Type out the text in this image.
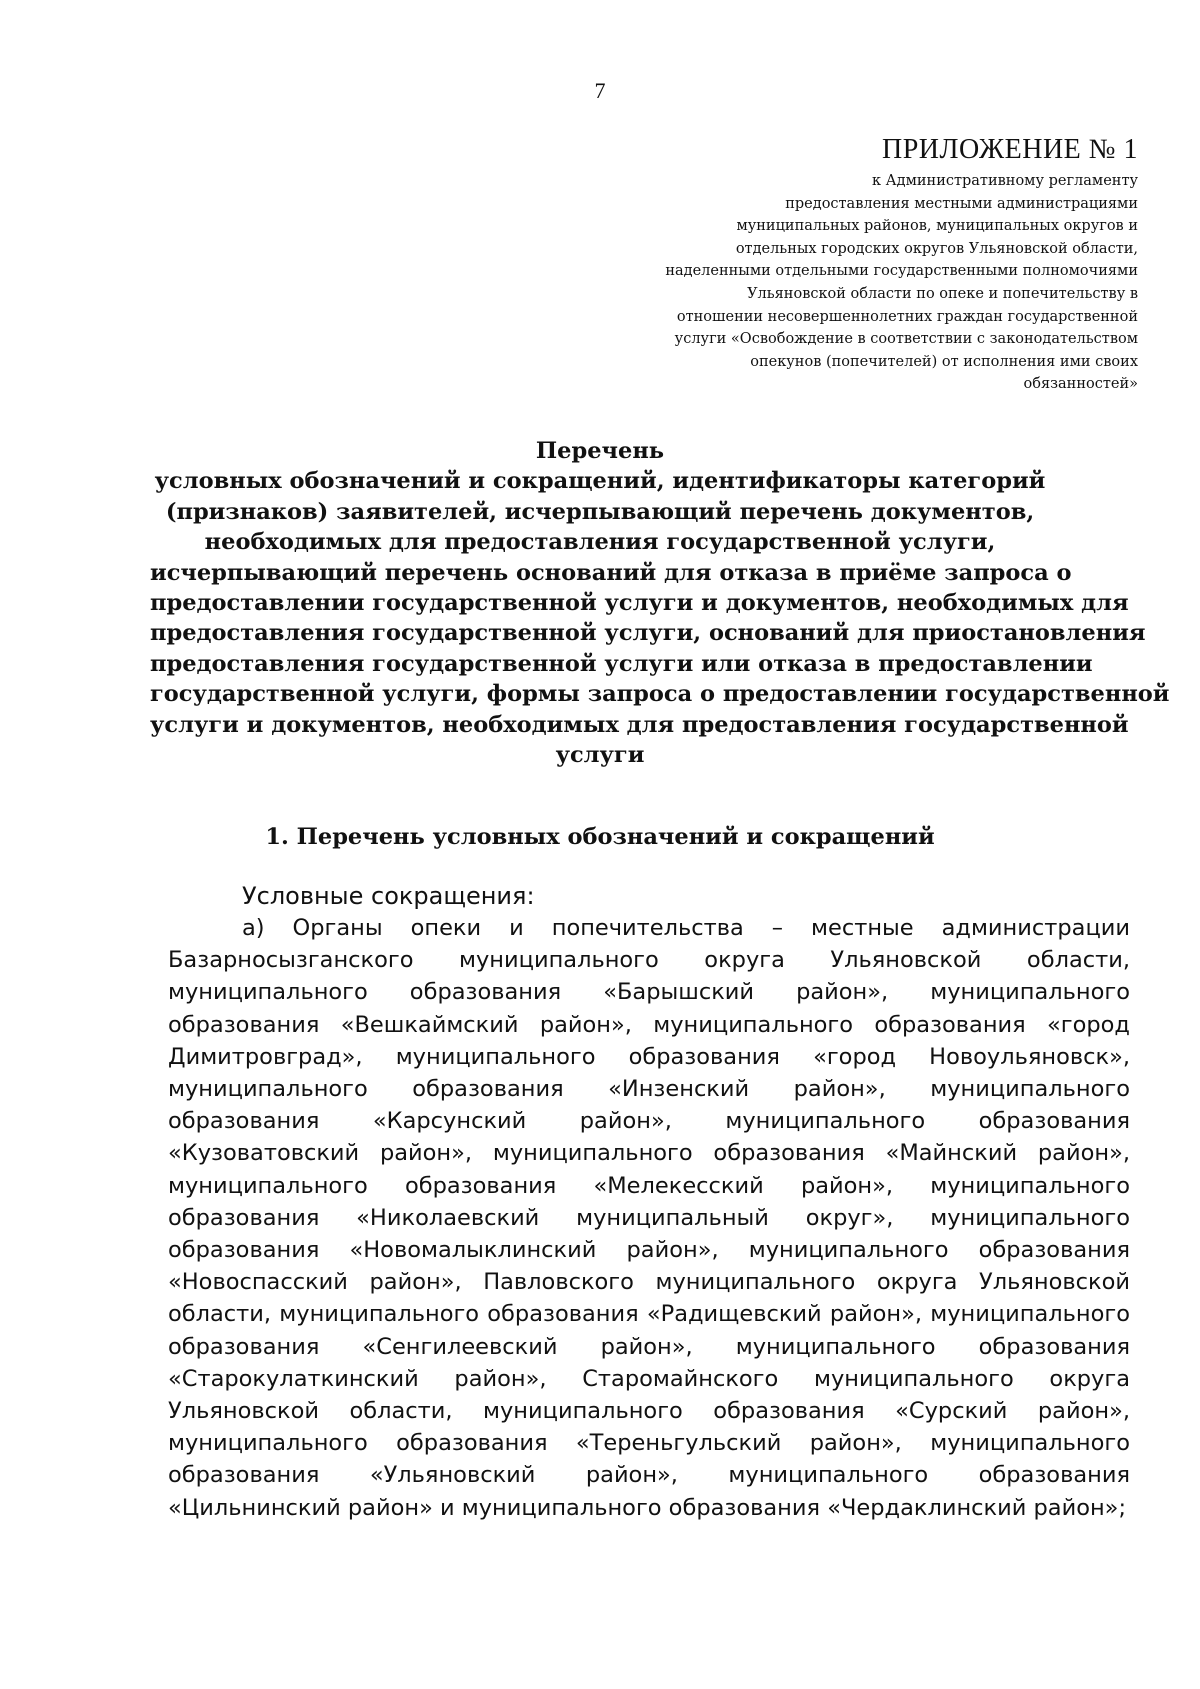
7
ПРИЛОЖЕНИЕ № 1
к Административному регламенту
предоставления местными администрациями
муниципальных районов, муниципальных округов и
отдельных городских округов Ульяновской области,
наделенными отдельными государственными полномочиями
Ульяновской области по опеке и попечительству в
отношении несовершеннолетних граждан государственной
услуги «Освобождение в соответствии с законодательством
опекунов (попечителей) от исполнения ими своих
обязанностей»
Перечень
условных обозначений и сокращений, идентификаторы категорий
(признаков) заявителей, исчерпывающий перечень документов,
необходимых для предоставления государственной услуги,
исчерпывающий перечень оснований для отказа в приёме запроса о
предоставлении государственной услуги и документов, необходимых для
предоставления государственной услуги, оснований для приостановления
предоставления государственной услуги или отказа в предоставлении
государственной услуги, формы запроса о предоставлении государственной
услуги и документов, необходимых для предоставления государственной
услуги
1. Перечень условных обозначений и сокращений
Условные сокращения:
а) Органы опеки и попечительства – местные администрации
Базарносызганского муниципального округа Ульяновской области,
муниципального образования «Барышский район», муниципального
образования «Вешкаймский район», муниципального образования «город
Димитровград», муниципального образования «город Новоульяновск»,
муниципального образования «Инзенский район», муниципального
образования «Карсунский район», муниципального образования
«Кузоватовский район», муниципального образования «Майнский район»,
муниципального образования «Мелекесский район», муниципального
образования «Николаевский муниципальный округ», муниципального
образования «Новомалыклинский район», муниципального образования
«Новоспасский район», Павловского муниципального округа Ульяновской
области, муниципального образования «Радищевский район», муниципального
образования «Сенгилеевский район», муниципального образования
«Старокулаткинский район», Старомайнского муниципального округа
Ульяновской области, муниципального образования «Сурский район»,
муниципального образования «Тереньгульский район», муниципального
образования «Ульяновский район», муниципального образования
«Цильнинский район» и муниципального образования «Чердаклинский район»;
